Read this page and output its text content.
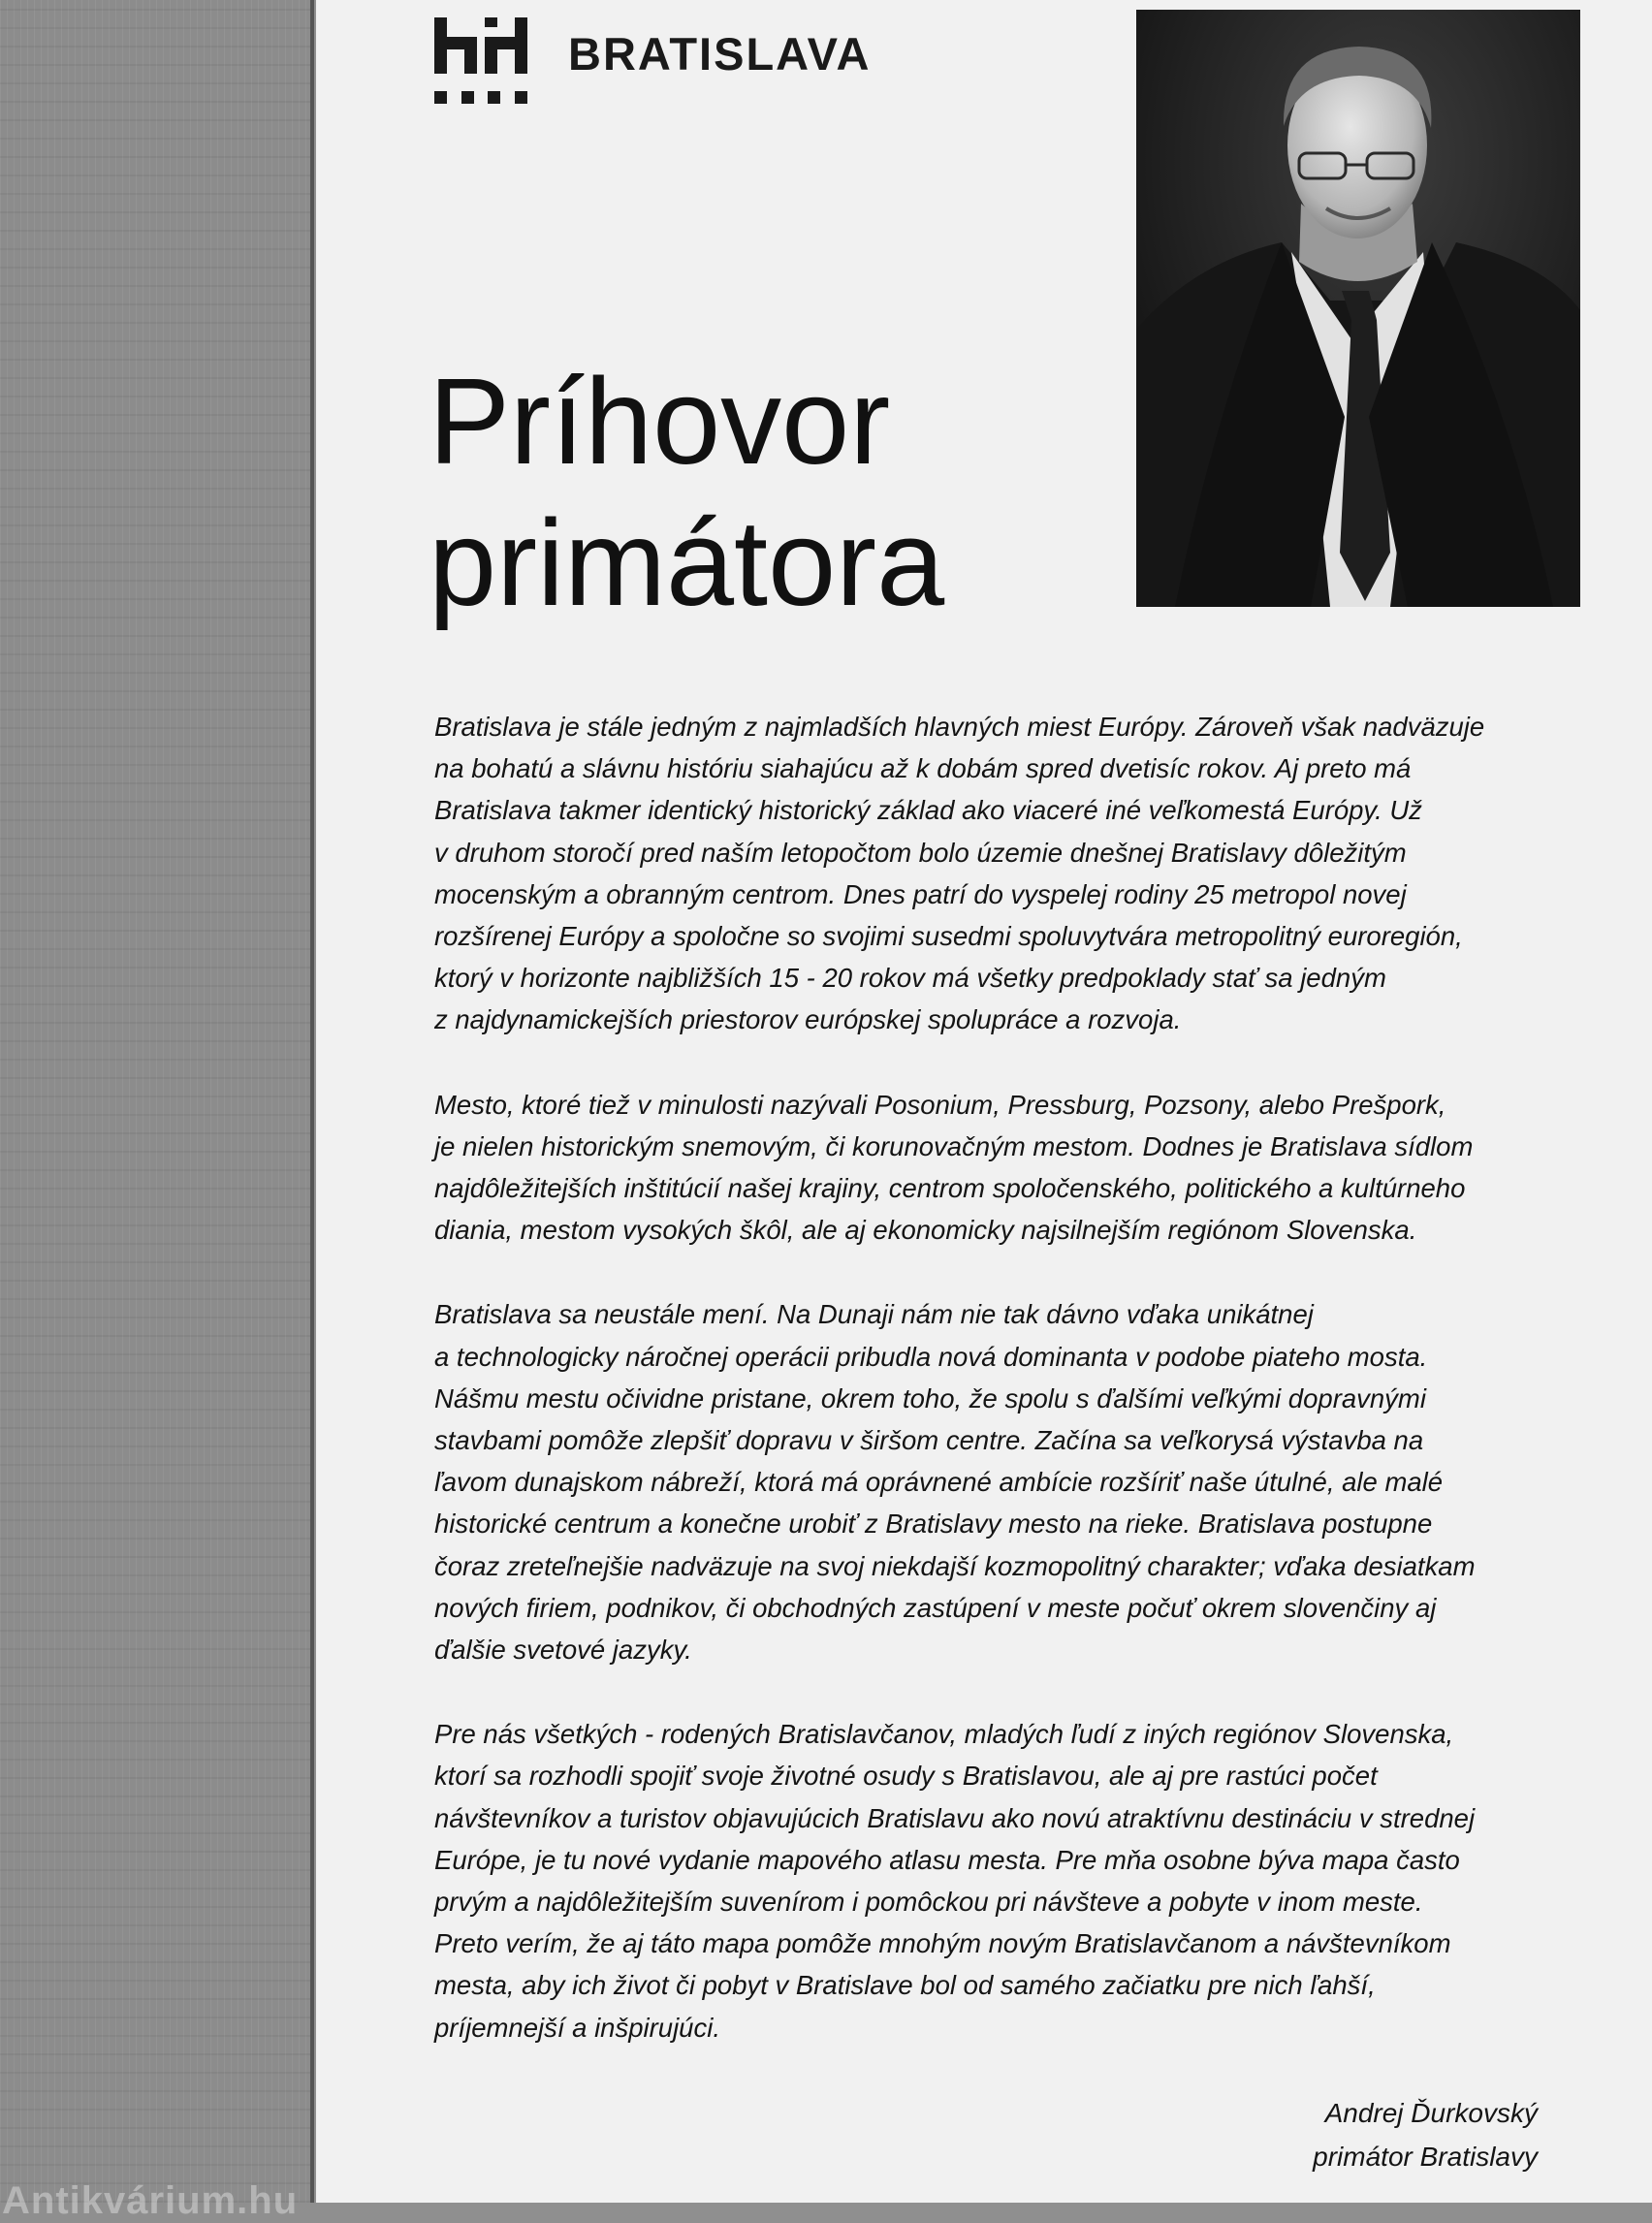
BRATISLAVA
Príhovor
primátora

Bratislava je stále jedným z najmladších hlavných miest Európy. Zároveň však nadväzuje
na bohatú a slávnu históriu siahajúcu až k dobám spred dvetisíc rokov. Aj preto má
Bratislava takmer identický historický základ ako viaceré iné veľkomestá Európy. Už
v druhom storočí pred naším letopočtom bolo územie dnešnej Bratislavy dôležitým
mocenským a obranným centrom. Dnes patrí do vyspelej rodiny 25 metropol novej
rozšírenej Európy a spoločne so svojimi susedmi spoluvytvára metropolitný euroregión,
ktorý v horizonte najbližších 15 - 20 rokov má všetky predpoklady stať sa jedným
z najdynamickejších priestorov európskej spolupráce a rozvoja.

Mesto, ktoré tiež v minulosti nazývali Posonium, Pressburg, Pozsony, alebo Prešpork,
je nielen historickým snemovým, či korunovačným mestom. Dodnes je Bratislava sídlom
najdôležitejších inštitúcií našej krajiny, centrom spoločenského, politického a kultúrneho
diania, mestom vysokých škôl, ale aj ekonomicky najsilnejším regiónom Slovenska.

Bratislava sa neustále mení. Na Dunaji nám nie tak dávno vďaka unikátnej
a technologicky náročnej operácii pribudla nová dominanta v podobe piateho mosta.
Nášmu mestu očividne pristane, okrem toho, že spolu s ďalšími veľkými dopravnými
stavbami pomôže zlepšiť dopravu v širšom centre. Začína sa veľkorysá výstavba na
ľavom dunajskom nábreží, ktorá má oprávnené ambície rozšíriť naše útulné, ale malé
historické centrum a konečne urobiť z Bratislavy mesto na rieke. Bratislava postupne
čoraz zreteľnejšie nadväzuje na svoj niekdajší kozmopolitný charakter; vďaka desiatkam
nových firiem, podnikov, či obchodných zastúpení v meste počuť okrem slovenčiny aj
ďalšie svetové jazyky.

Pre nás všetkých - rodených Bratislavčanov, mladých ľudí z iných regiónov Slovenska,
ktorí sa rozhodli spojiť svoje životné osudy s Bratislavou, ale aj pre rastúci počet
návštevníkov a turistov objavujúcich Bratislavu ako novú atraktívnu destináciu v strednej
Európe, je tu nové vydanie mapového atlasu mesta. Pre mňa osobne býva mapa často
prvým a najdôležitejším suvenírom i pomôckou pri návšteve a pobyte v inom meste.
Preto verím, že aj táto mapa pomôže mnohým novým Bratislavčanom a návštevníkom
mesta, aby ich život či pobyt v Bratislave bol od samého začiatku pre nich ľahší,
príjemnejší a inšpirujúci.

Andrej Ďurkovský
primátor Bratislavy
Antikvárium.hu
